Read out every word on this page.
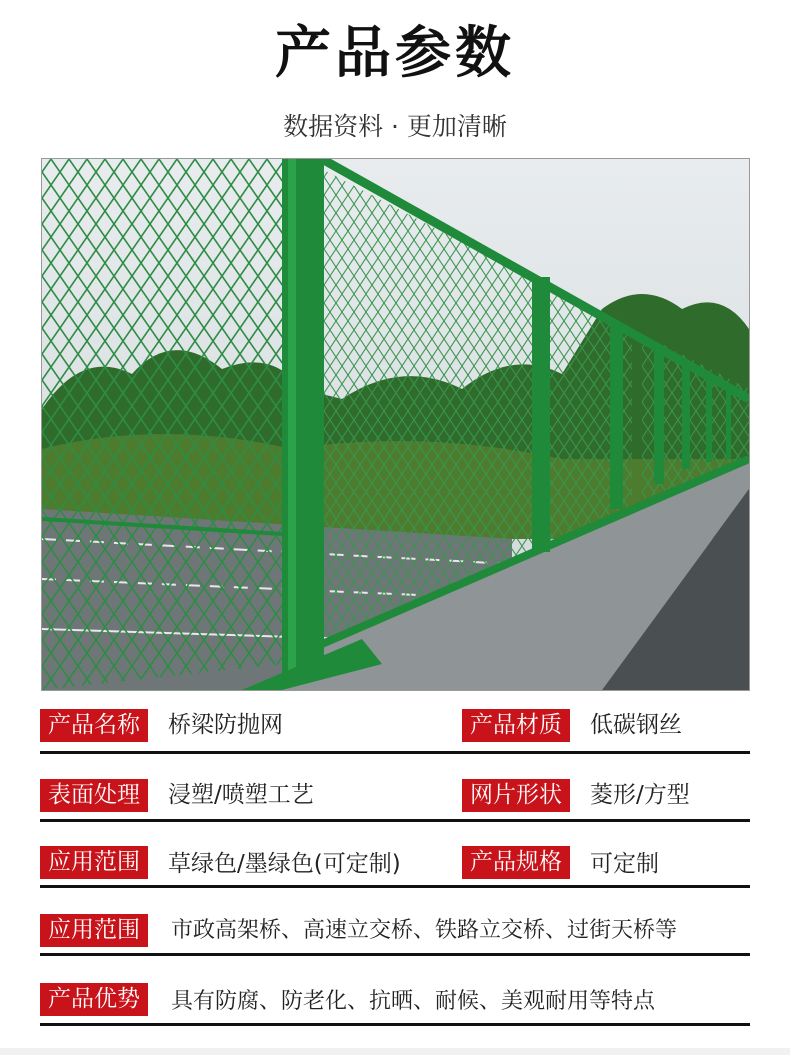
产品参数
数据资料 · 更加清晰
产品名称	桥梁防抛网	产品材质	低碳钢丝
表面处理	浸塑/喷塑工艺	网片形状	菱形/方型
应用范围	草绿色/墨绿色(可定制)	产品规格	可定制
应用范围	市政高架桥、高速立交桥、铁路立交桥、过街天桥等
产品优势	具有防腐、防老化、抗晒、耐候、美观耐用等特点
